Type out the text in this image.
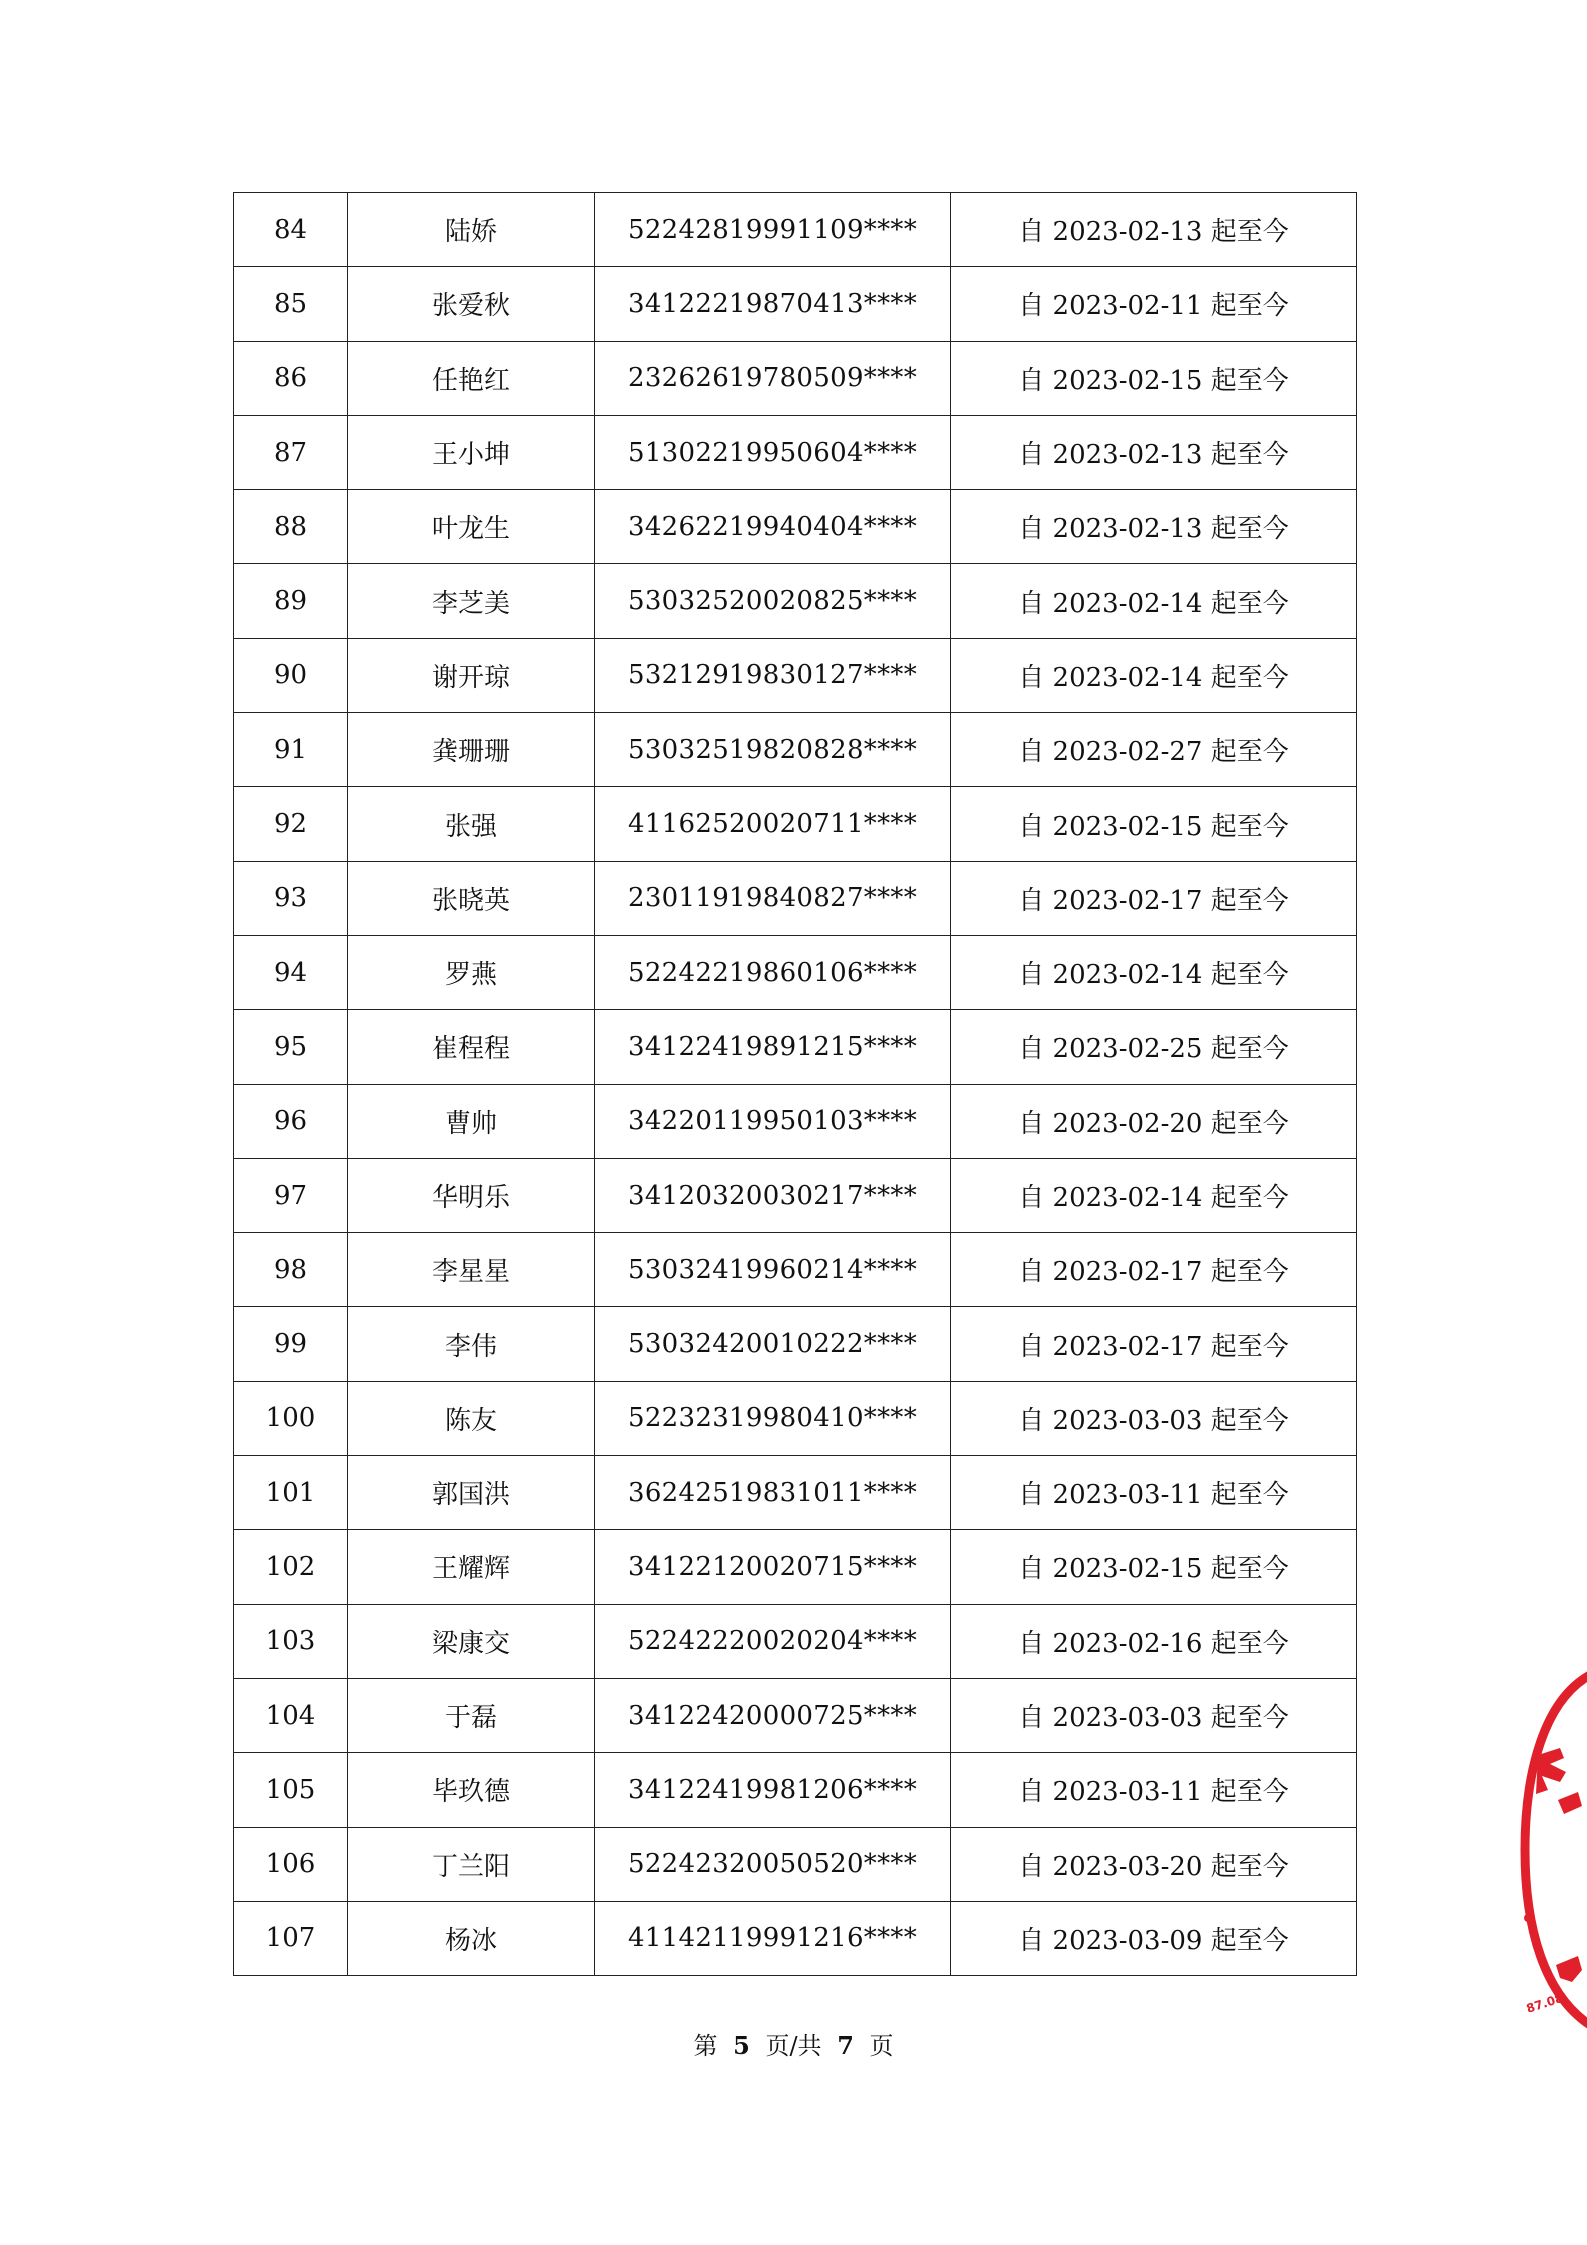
84	陆娇	52242819991109****	自 2023-02-13 起至今
85	张爱秋	34122219870413****	自 2023-02-11 起至今
86	任艳红	23262619780509****	自 2023-02-15 起至今
87	王小坤	51302219950604****	自 2023-02-13 起至今
88	叶龙生	34262219940404****	自 2023-02-13 起至今
89	李芝美	53032520020825****	自 2023-02-14 起至今
90	谢开琼	53212919830127****	自 2023-02-14 起至今
91	龚珊珊	53032519820828****	自 2023-02-27 起至今
92	张强	41162520020711****	自 2023-02-15 起至今
93	张晓英	23011919840827****	自 2023-02-17 起至今
94	罗燕	52242219860106****	自 2023-02-14 起至今
95	崔程程	34122419891215****	自 2023-02-25 起至今
96	曹帅	34220119950103****	自 2023-02-20 起至今
97	华明乐	34120320030217****	自 2023-02-14 起至今
98	李星星	53032419960214****	自 2023-02-17 起至今
99	李伟	53032420010222****	自 2023-02-17 起至今
100	陈友	52232319980410****	自 2023-03-03 起至今
101	郭国洪	36242519831011****	自 2023-03-11 起至今
102	王耀辉	34122120020715****	自 2023-02-15 起至今
103	梁康交	52242220020204****	自 2023-02-16 起至今
104	于磊	34122420000725****	自 2023-03-03 起至今
105	毕玖德	34122419981206****	自 2023-03-11 起至今
106	丁兰阳	52242320050520****	自 2023-03-20 起至今
107	杨冰	41142119991216****	自 2023-03-09 起至今
第 5 页/共 7 页
87.08
